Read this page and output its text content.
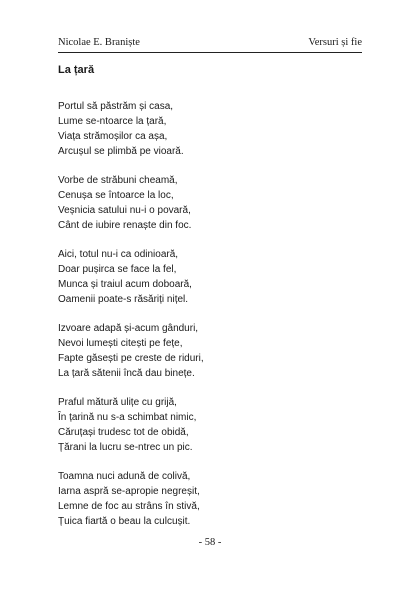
Nicolae E. Braniște	Versuri și fie
La țară
Portul să păstrăm și casa,
Lume se-ntoarce la țară,
Viața strămoșilor ca așa,
Arcușul se plimbă pe vioară.
Vorbe de străbuni cheamă,
Cenușa se întoarce la loc,
Veșnicia satului nu-i o povară,
Cânt de iubire renaște din foc.
Aici, totul nu-i ca odinioară,
Doar pușirca se face la fel,
Munca și traiul acum doboară,
Oamenii poate-s răsăriți nițel.
Izvoare adapă și-acum gânduri,
Nevoi lumești citești pe fețe,
Fapte găsești pe creste de riduri,
La țară sătenii încă dau binețe.
Praful mătură ulițe cu grijă,
În țarină nu s-a schimbat nimic,
Căruțași trudesc tot de obidă,
Țărani la lucru se-ntrec un pic.
Toamna nuci adună de colivă,
Iarna aspră se-apropie negreșit,
Lemne de foc au strâns în stivă,
Țuica fiartă o beau la culcușit.
- 58 -
